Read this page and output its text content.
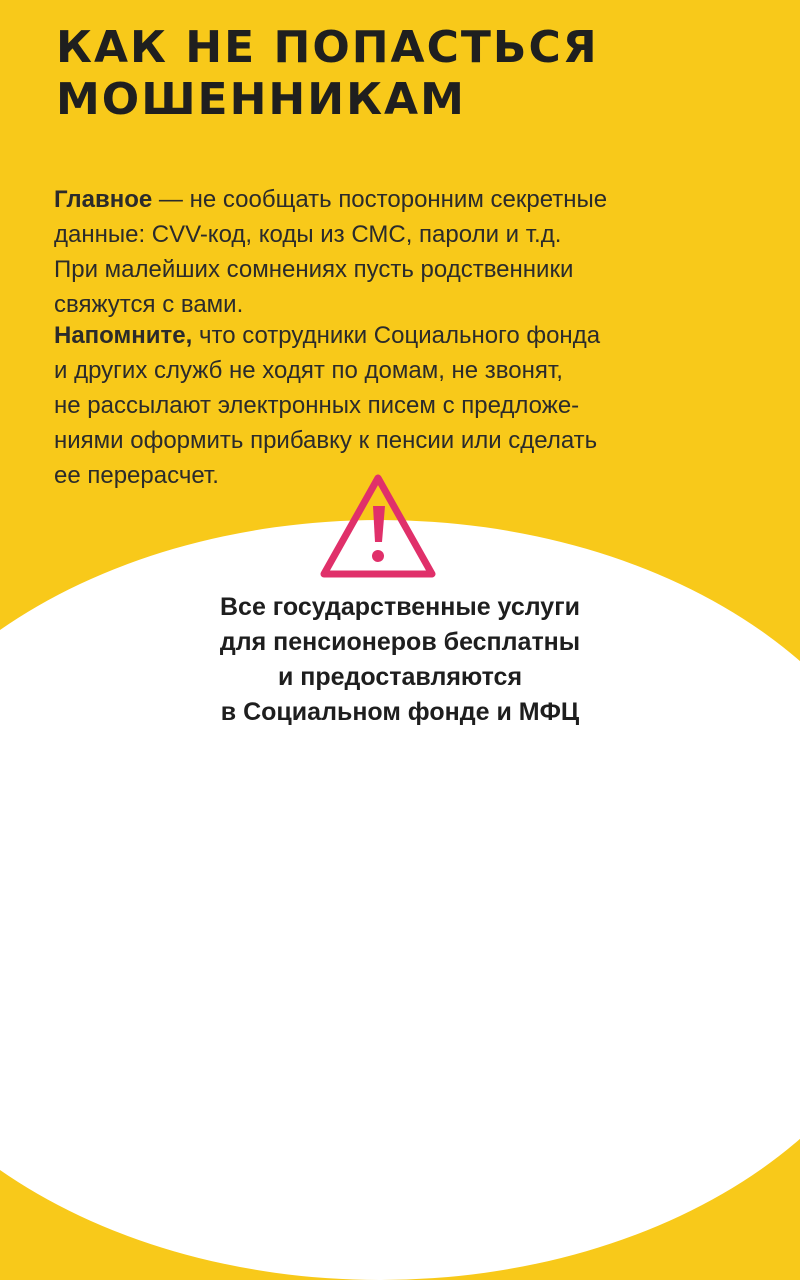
КАК НЕ ПОПАСТЬСЯ
МОШЕННИКАМ
Главное — не сообщать посторонним секретные
данные: CVV-код, коды из СМС, пароли и т.д.
При малейших сомнениях пусть родственники
свяжутся с вами.
Напомните, что сотрудники Социального фонда
и других служб не ходят по домам, не звонят,
не рассылают электронных писем с предложе-
ниями оформить прибавку к пенсии или сделать
ее перерасчет.
Все государственные услуги
для пенсионеров бесплатны
и предоставляются
в Социальном фонде и МФЦ
